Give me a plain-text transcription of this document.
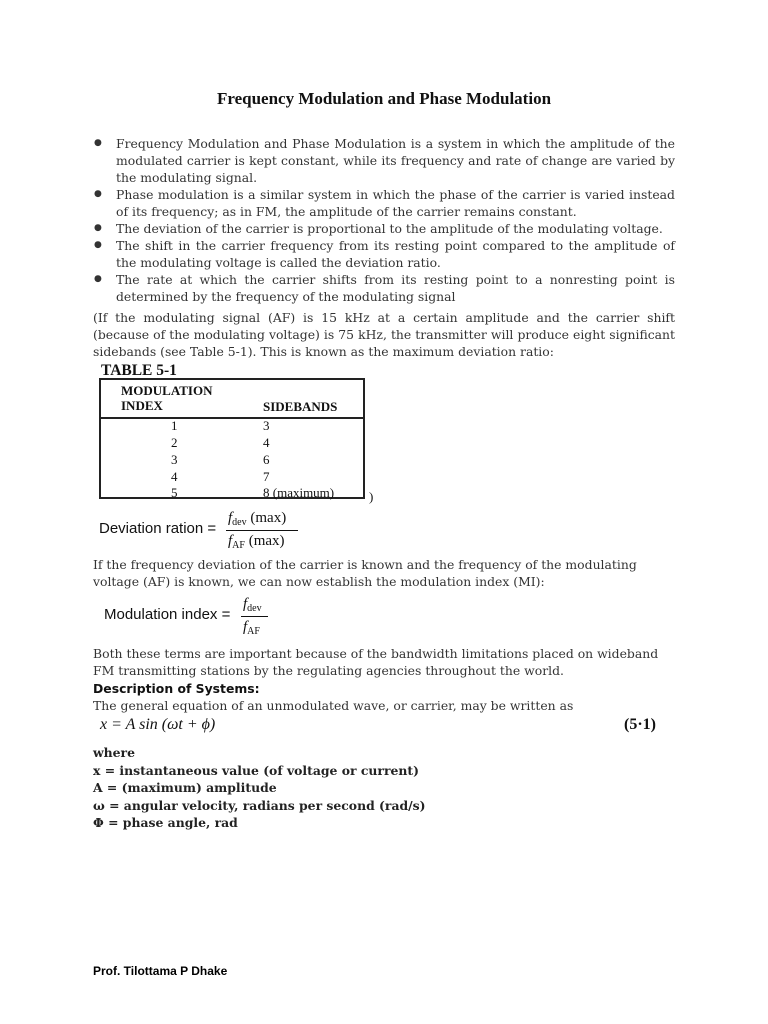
Frequency Modulation and Phase Modulation
● Frequency Modulation and Phase Modulation is a system in which the amplitude of the modulated carrier is kept constant, while its frequency and rate of change are varied by the modulating signal.
● Phase modulation is a similar system in which the phase of the carrier is varied instead of its frequency; as in FM, the amplitude of the carrier remains constant.
● The deviation of the carrier is proportional to the amplitude of the modulating voltage.
● The shift in the carrier frequency from its resting point compared to the amplitude of the modulating voltage is called the deviation ratio.
● The rate at which the carrier shifts from its resting point to a nonresting point is determined by the frequency of the modulating signal

(If the modulating signal (AF) is 15 kHz at a certain amplitude and the carrier shift (because of the modulating voltage) is 75 kHz, the transmitter will produce eight significant sidebands (see Table 5-1). This is known as the maximum deviation ratio:

TABLE 5-1
MODULATION
INDEX	SIDEBANDS
1	3
2	4
3	6
4	7
5	8 (maximum)	)
Deviation ration =
$f_{dev}$ (max)
$f_{AF}$ (max)

If the frequency deviation of the carrier is known and the frequency of the modulating voltage (AF) is known, we can now establish the modulation index (MI):

Modulation index =
$f_{dev}$
$f_{AF}$

Both these terms are important because of the bandwidth limitations placed on wideband FM transmitting stations by the regulating agencies throughout the world.

Description of Systems:

The general equation of an unmodulated wave, or carrier, may be written as

x = A sin (ωt + ϕ)	(5·1)
where
x = instantaneous value (of voltage or current)
A = (maximum) amplitude
ω = angular velocity, radians per second (rad/s)
Φ = phase angle, rad
Prof. Tilottama P Dhake
